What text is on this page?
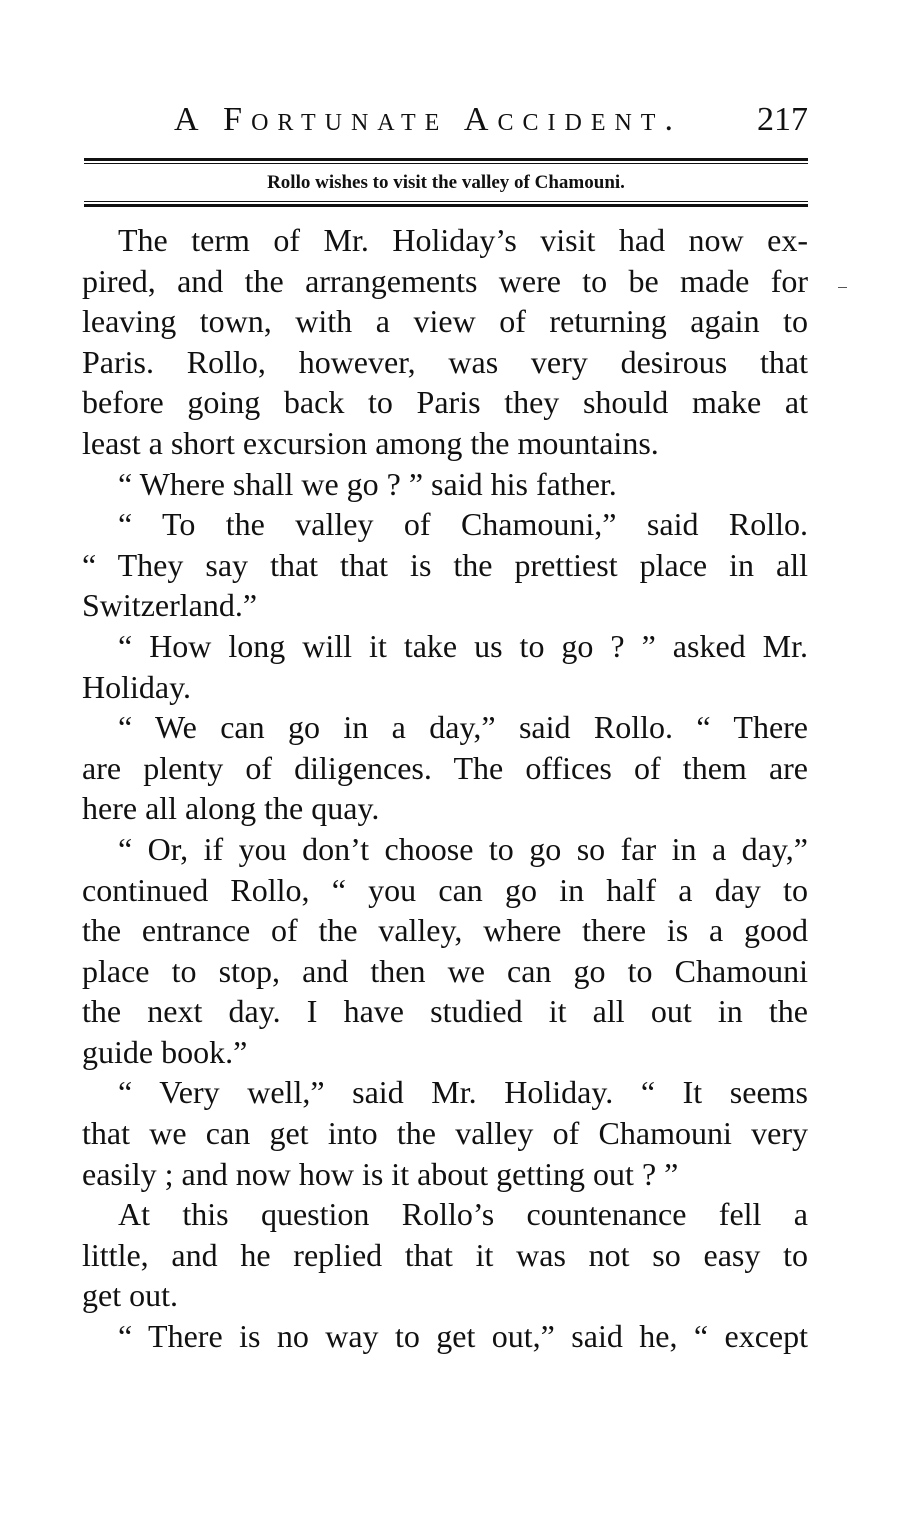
A Fortunate Accident. 217
Rollo wishes to visit the valley of Chamouni.
The term of Mr. Holiday’s visit had now ex-
pired, and the arrangements were to be made for
leaving town, with a view of returning again to
Paris. Rollo, however, was very desirous that
before going back to Paris they should make at
least a short excursion among the mountains.
“ Where shall we go ? ” said his father.
“ To the valley of Chamouni,” said Rollo.
“ They say that that is the prettiest place in all
Switzerland.”
“ How long will it take us to go ? ” asked Mr.
Holiday.
“ We can go in a day,” said Rollo. “ There
are plenty of diligences. The offices of them are
here all along the quay.
“ Or, if you don’t choose to go so far in a day,”
continued Rollo, “ you can go in half a day to
the entrance of the valley, where there is a good
place to stop, and then we can go to Chamouni
the next day. I have studied it all out in the
guide book.”
“ Very well,” said Mr. Holiday. “ It seems
that we can get into the valley of Chamouni very
easily ; and now how is it about getting out ? ”
At this question Rollo’s countenance fell a
little, and he replied that it was not so easy to
get out.
“ There is no way to get out,” said he, “ except
